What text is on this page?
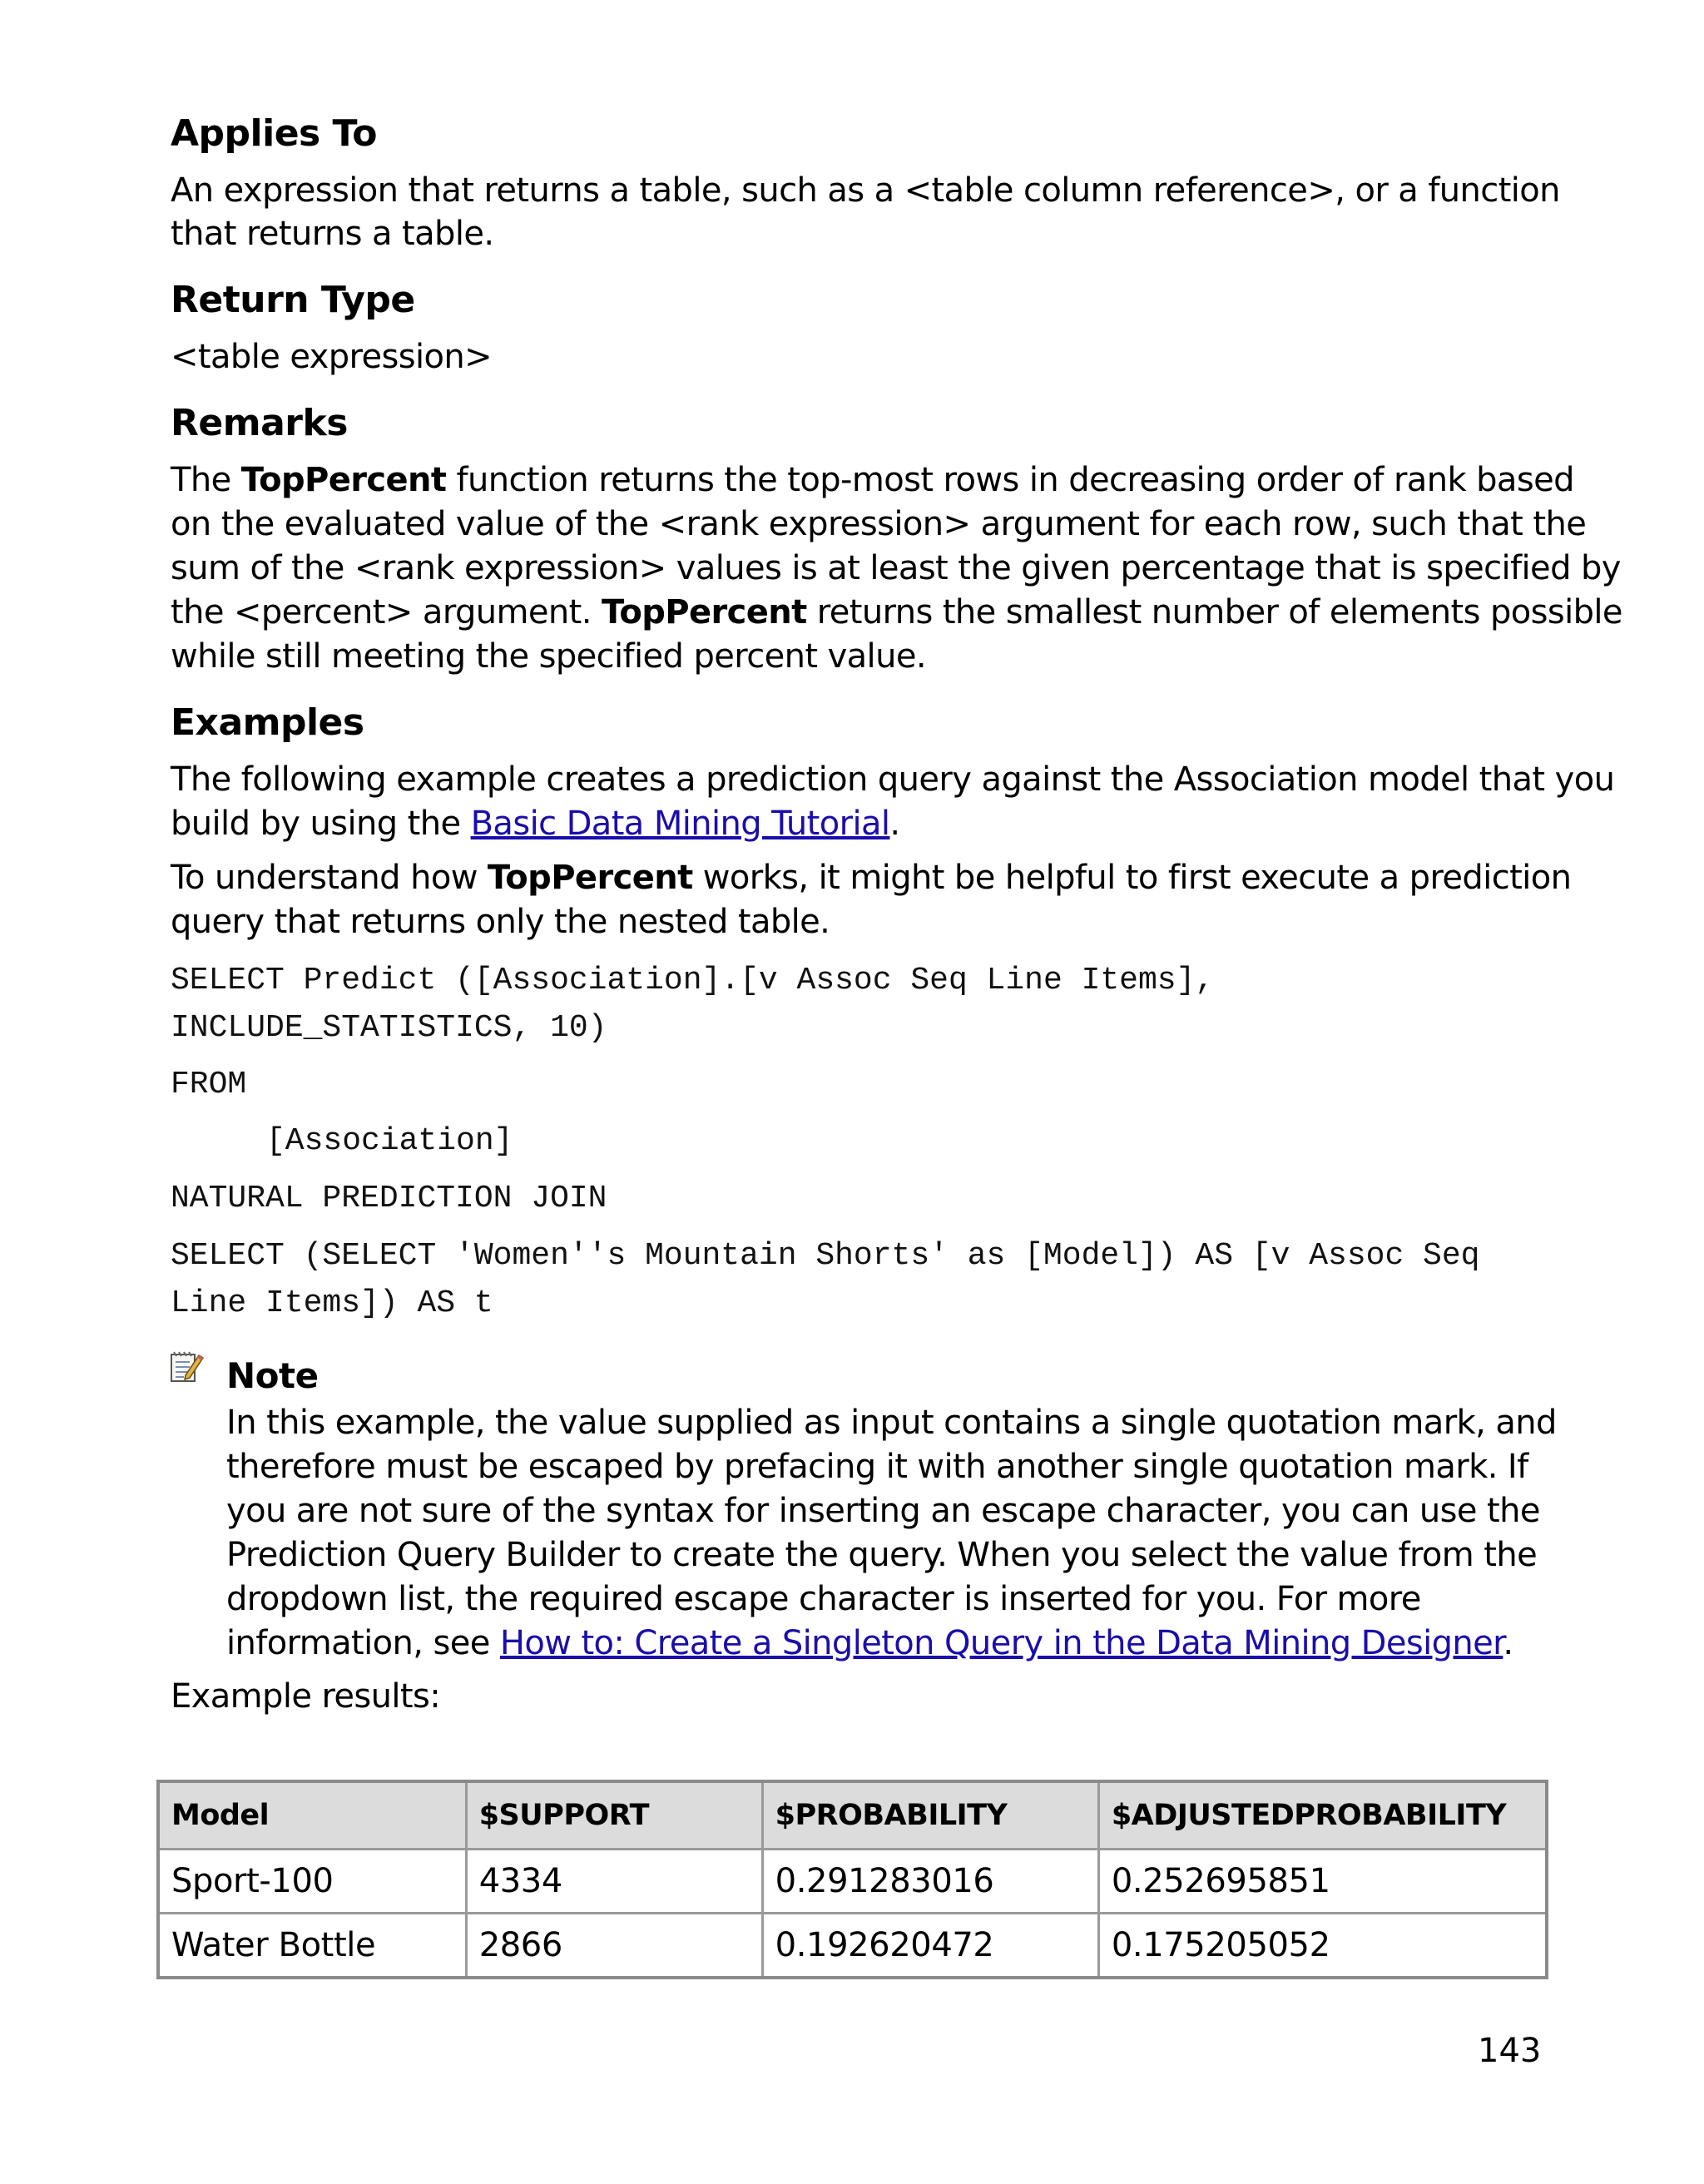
Applies To

An expression that returns a table, such as a <table column reference>, or a function

that returns a table.

Return Type

<table expression>

Remarks

The TopPercent function returns the top-most rows in decreasing order of rank based

on the evaluated value of the <rank expression> argument for each row, such that the

sum of the <rank expression> values is at least the given percentage that is specified by

the <percent> argument. TopPercent returns the smallest number of elements possible

while still meeting the specified percent value.

Examples

The following example creates a prediction query against the Association model that you

build by using the Basic Data Mining Tutorial.

To understand how TopPercent works, it might be helpful to first execute a prediction

query that returns only the nested table.

SELECT Predict ([Association].[v Assoc Seq Line Items],
INCLUDE_STATISTICS, 10)
FROM
[Association]
NATURAL PREDICTION JOIN
SELECT (SELECT 'Women''s Mountain Shorts' as [Model]) AS [v Assoc Seq
Line Items]) AS t
Note

In this example, the value supplied as input contains a single quotation mark, and

therefore must be escaped by prefacing it with another single quotation mark. If

you are not sure of the syntax for inserting an escape character, you can use the

Prediction Query Builder to create the query. When you select the value from the

dropdown list, the required escape character is inserted for you. For more

information, see How to: Create a Singleton Query in the Data Mining Designer.

Example results:

Model	$SUPPORT	$PROBABILITY	$ADJUSTEDPROBABILITY
Sport-100	4334	0.291283016	0.252695851
Water Bottle	2866	0.192620472	0.175205052
143
